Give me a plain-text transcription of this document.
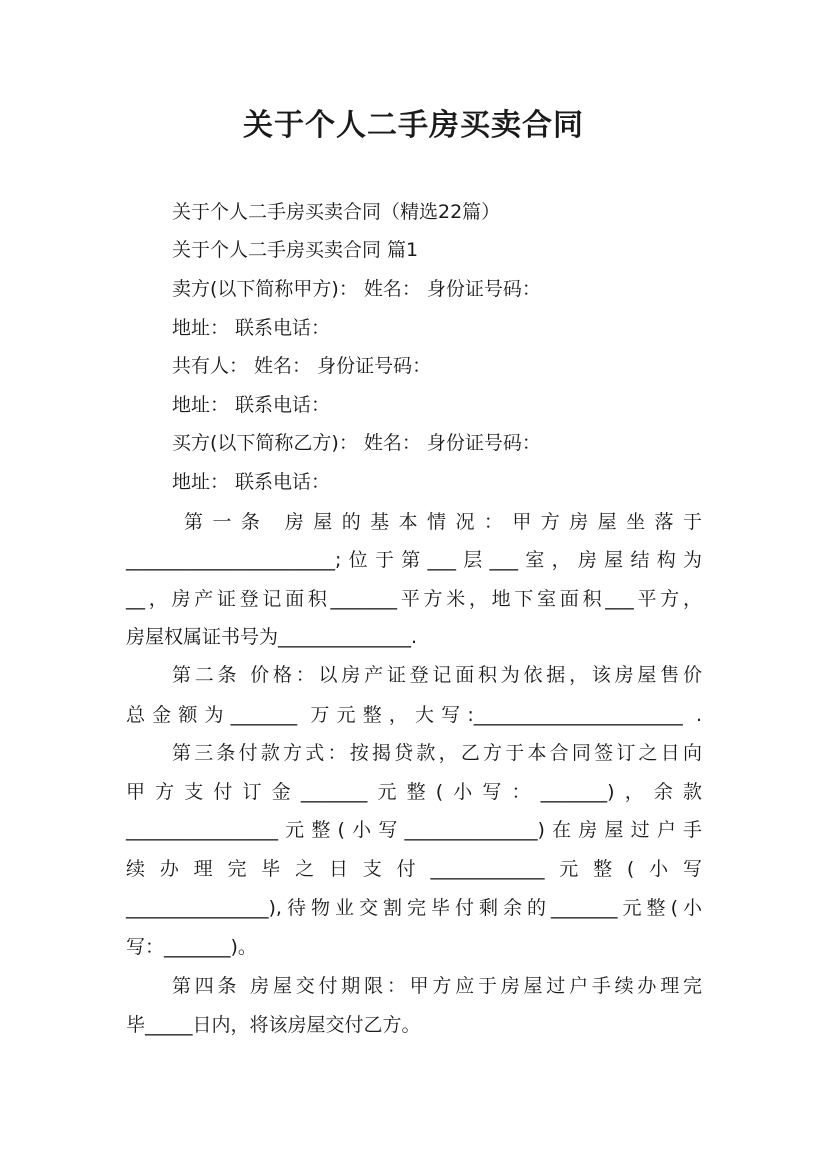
关于个人二手房买卖合同

关于个人二手房买卖合同（精选22篇）

关于个人二手房买卖合同 篇1

卖方(以下简称甲方)： 姓名： 身份证号码：

地址： 联系电话：

共有人： 姓名： 身份证号码：

地址： 联系电话：

买方(以下简称乙方)： 姓名： 身份证号码：

地址： 联系电话：

第一条 房屋的基本情况：甲方房屋坐落于

______________________;位于第___层___室，房屋结构为

__，房产证登记面积_______平方米，地下室面积___平方，

房屋权属证书号为______________.

第二条 价格：以房产证登记面积为依据，该房屋售价

总金额为_______ 万元整，大写:______________________ .

第三条付款方式：按揭贷款，乙方于本合同签订之日向

甲方支付订金_______元整(小写：_______)，余款

________________元整(小写______________)在房屋过户手

续办理完毕之日支付____________元整(小写

_______________),待物业交割完毕付剩余的_______元整(小

写：_______)。

第四条 房屋交付期限：甲方应于房屋过户手续办理完

毕_____日内，将该房屋交付乙方。
